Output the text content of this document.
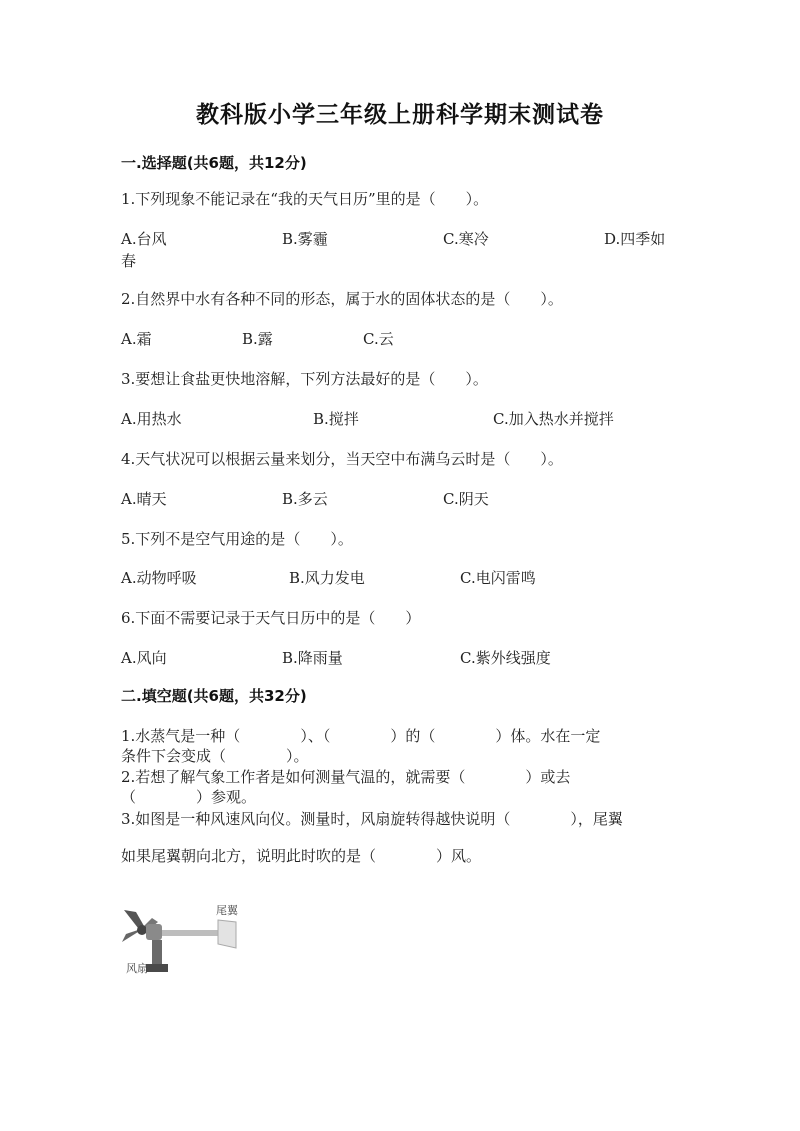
教科版小学三年级上册科学期末测试卷
一.选择题(共6题，共12分)
1.下列现象不能记录在“我的天气日历”里的是（　　）。
A.台风	B.雾霾	C.寒冷	D.四季如
春
2.自然界中水有各种不同的形态，属于水的固体状态的是（　　）。
A.霜	B.露	C.云
3.要想让食盐更快地溶解，下列方法最好的是（　　）。
A.用热水	B.搅拌	C.加入热水并搅拌
4.天气状况可以根据云量来划分，当天空中布满乌云时是（　　）。
A.晴天	B.多云	C.阴天
5.下列不是空气用途的是（　　）。
A.动物呼吸	B.风力发电	C.电闪雷鸣
6.下面不需要记录于天气日历中的是（　　）
A.风向	B.降雨量	C.紫外线强度
二.填空题(共6题，共32分)
1.水蒸气是一种（　　　　）、（　　　　）的（　　　　）体。水在一定
条件下会变成（　　　　）。
2.若想了解气象工作者是如何测量气温的，就需要（　　　　）或去
（　　　　）参观。
3.如图是一种风速风向仪。测量时，风扇旋转得越快说明（　　　　），尾翼
如果尾翼朝向北方，说明此时吹的是（　　　　）风。
尾翼
风扇
